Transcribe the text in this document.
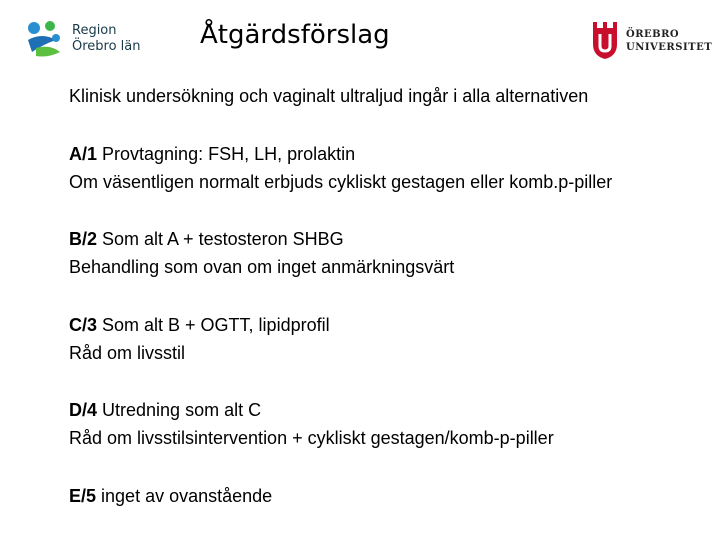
Region
Örebro län Åtgärdsförslag	ÖREBRO
UNIVERSITET
Klinisk undersökning och vaginalt ultraljud ingår i alla alternativen
A/1 Provtagning: FSH, LH, prolaktin
Om väsentligen normalt erbjuds cykliskt gestagen eller komb.p-piller
B/2 Som alt A + testosteron SHBG
Behandling som ovan om inget anmärkningsvärt
C/3 Som alt B + OGTT, lipidprofil
Råd om livsstil
D/4 Utredning som alt C
Råd om livsstilsintervention + cykliskt gestagen/komb-p-piller
E/5 inget av ovanstående
